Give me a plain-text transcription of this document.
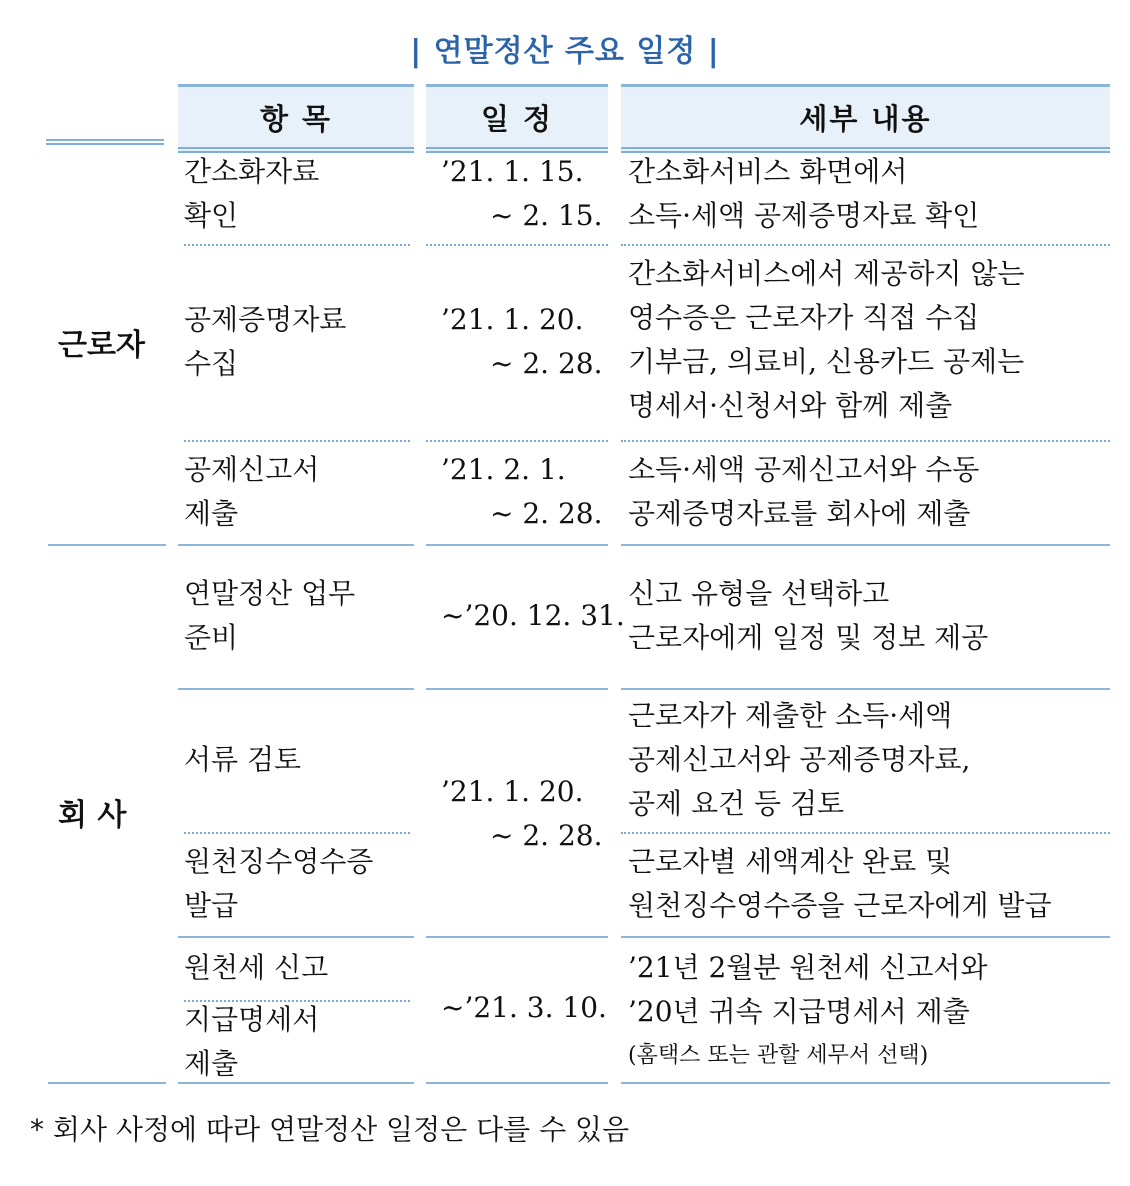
| 연말정산 주요 일정 |
항 목	일 정	세부 내용
근로자
회 사
간소화자료
확인
’21. 1. 15.
~ 2. 15.
간소화서비스 화면에서
소득·세액 공제증명자료 확인
공제증명자료
수집
’21. 1. 20.
~ 2. 28.
간소화서비스에서 제공하지 않는
영수증은 근로자가 직접 수집
기부금, 의료비, 신용카드 공제는
명세서·신청서와 함께 제출
공제신고서
제출
’21. 2. 1.
~ 2. 28.
소득·세액 공제신고서와 수동
공제증명자료를 회사에 제출
연말정산 업무
준비
~’20. 12. 31.
신고 유형을 선택하고
근로자에게 일정 및 정보 제공
서류 검토
’21. 1. 20.
~ 2. 28.
근로자가 제출한 소득·세액
공제신고서와 공제증명자료,
공제 요건 등 검토
원천징수영수증
발급
근로자별 세액계산 완료 및
원천징수영수증을 근로자에게 발급
원천세 신고
지급명세서
제출
~’21. 3. 10.
’21년 2월분 원천세 신고서와
’20년 귀속 지급명세서 제출
(홈택스 또는 관할 세무서 선택)
* 회사 사정에 따라 연말정산 일정은 다를 수 있음
